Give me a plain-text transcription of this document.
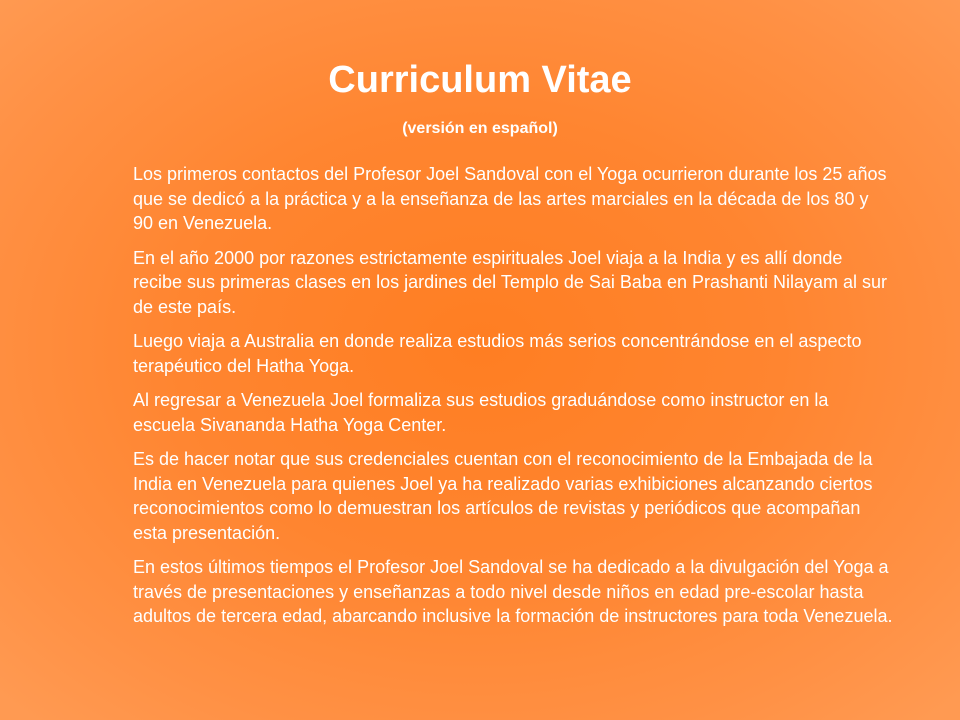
Curriculum Vitae
(versión en español)

Los primeros contactos del Profesor Joel Sandoval con el Yoga ocurrieron durante los 25 años que se dedicó a la práctica y a la enseñanza de las artes marciales en la década de los 80 y 90 en Venezuela.

En el año 2000 por razones estrictamente espirituales Joel viaja a la India y es allí donde recibe sus primeras clases en los jardines del Templo de Sai Baba en Prashanti Nilayam al sur de este país.

Luego viaja a Australia en donde realiza estudios más serios concentrándose en el aspecto terapéutico del Hatha Yoga.

Al regresar a Venezuela Joel formaliza sus estudios graduándose como instructor en la escuela Sivananda Hatha Yoga Center.

Es de hacer notar que sus credenciales cuentan con el reconocimiento de la Embajada de la India en Venezuela para quienes Joel ya ha realizado varias exhibiciones alcanzando ciertos reconocimientos como lo demuestran los artículos de revistas y periódicos que acompañan esta presentación.

En estos últimos tiempos el Profesor Joel Sandoval se ha dedicado a la divulgación del Yoga a través de presentaciones y enseñanzas a todo nivel desde niños en edad pre-escolar hasta adultos de tercera edad, abarcando inclusive la formación de instructores para toda Venezuela.
